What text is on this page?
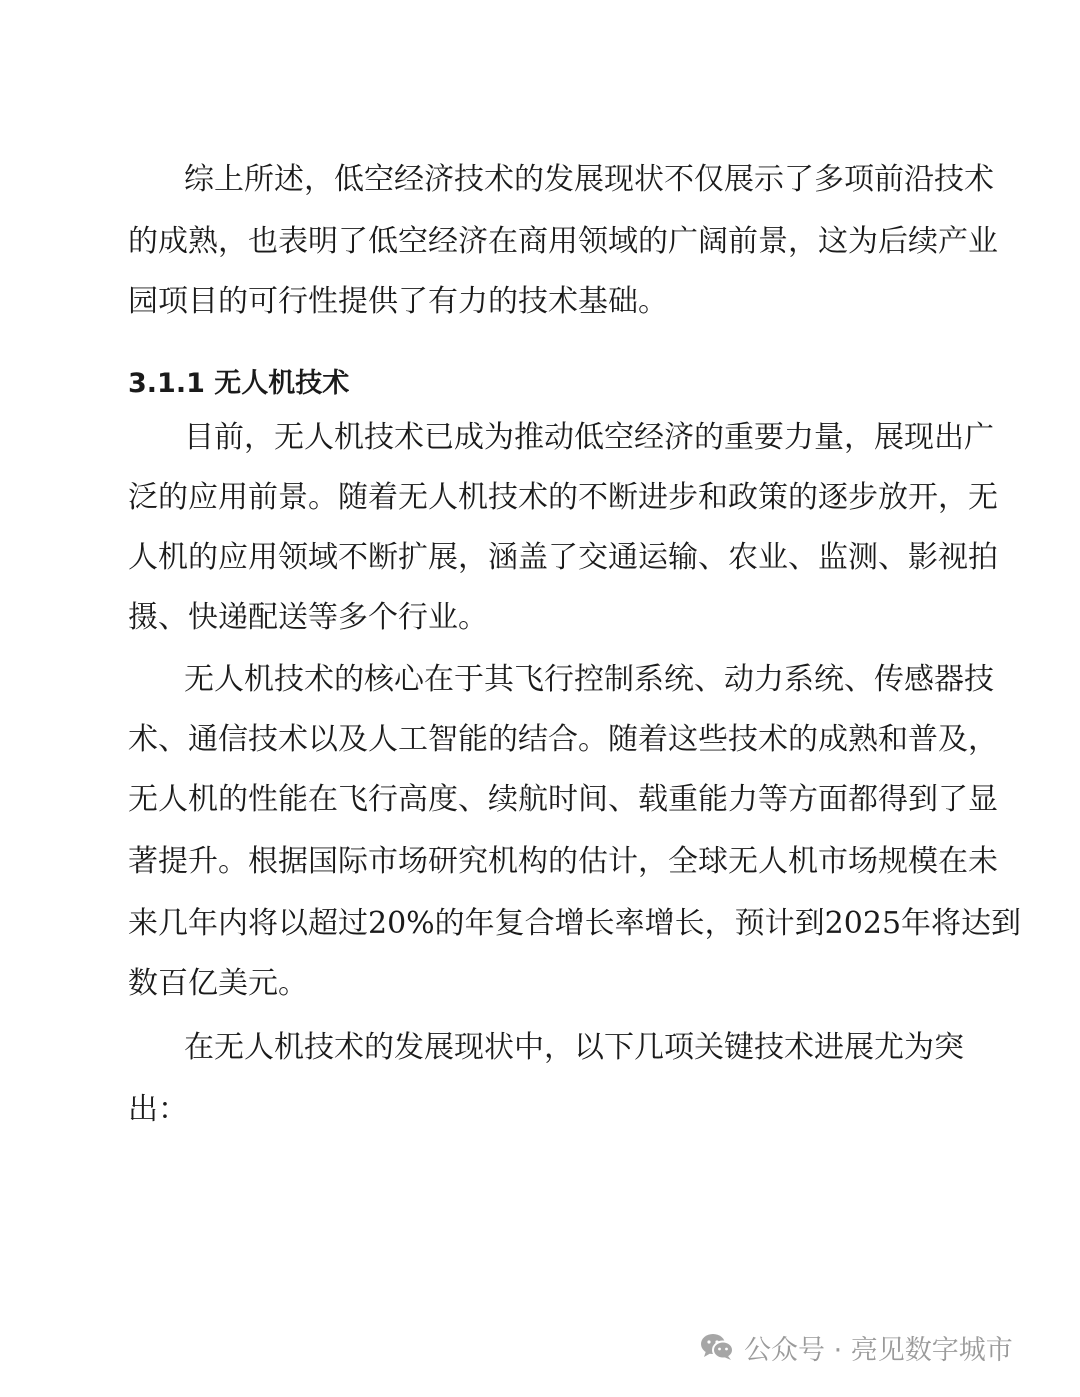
综上所述，低空经济技术的发展现状不仅展示了多项前沿技术
的成熟，也表明了低空经济在商用领域的广阔前景，这为后续产业
园项目的可行性提供了有力的技术基础。
3.1.1 无人机技术
目前，无人机技术已成为推动低空经济的重要力量，展现出广
泛的应用前景。随着无人机技术的不断进步和政策的逐步放开，无
人机的应用领域不断扩展，涵盖了交通运输、农业、监测、影视拍
摄、快递配送等多个行业。
无人机技术的核心在于其飞行控制系统、动力系统、传感器技
术、通信技术以及人工智能的结合。随着这些技术的成熟和普及，
无人机的性能在飞行高度、续航时间、载重能力等方面都得到了显
著提升。根据国际市场研究机构的估计，全球无人机市场规模在未
来几年内将以超过20%的年复合增长率增长，预计到2025年将达到
数百亿美元。
在无人机技术的发展现状中，以下几项关键技术进展尤为突
出：
公众号 · 亮见数字城市
